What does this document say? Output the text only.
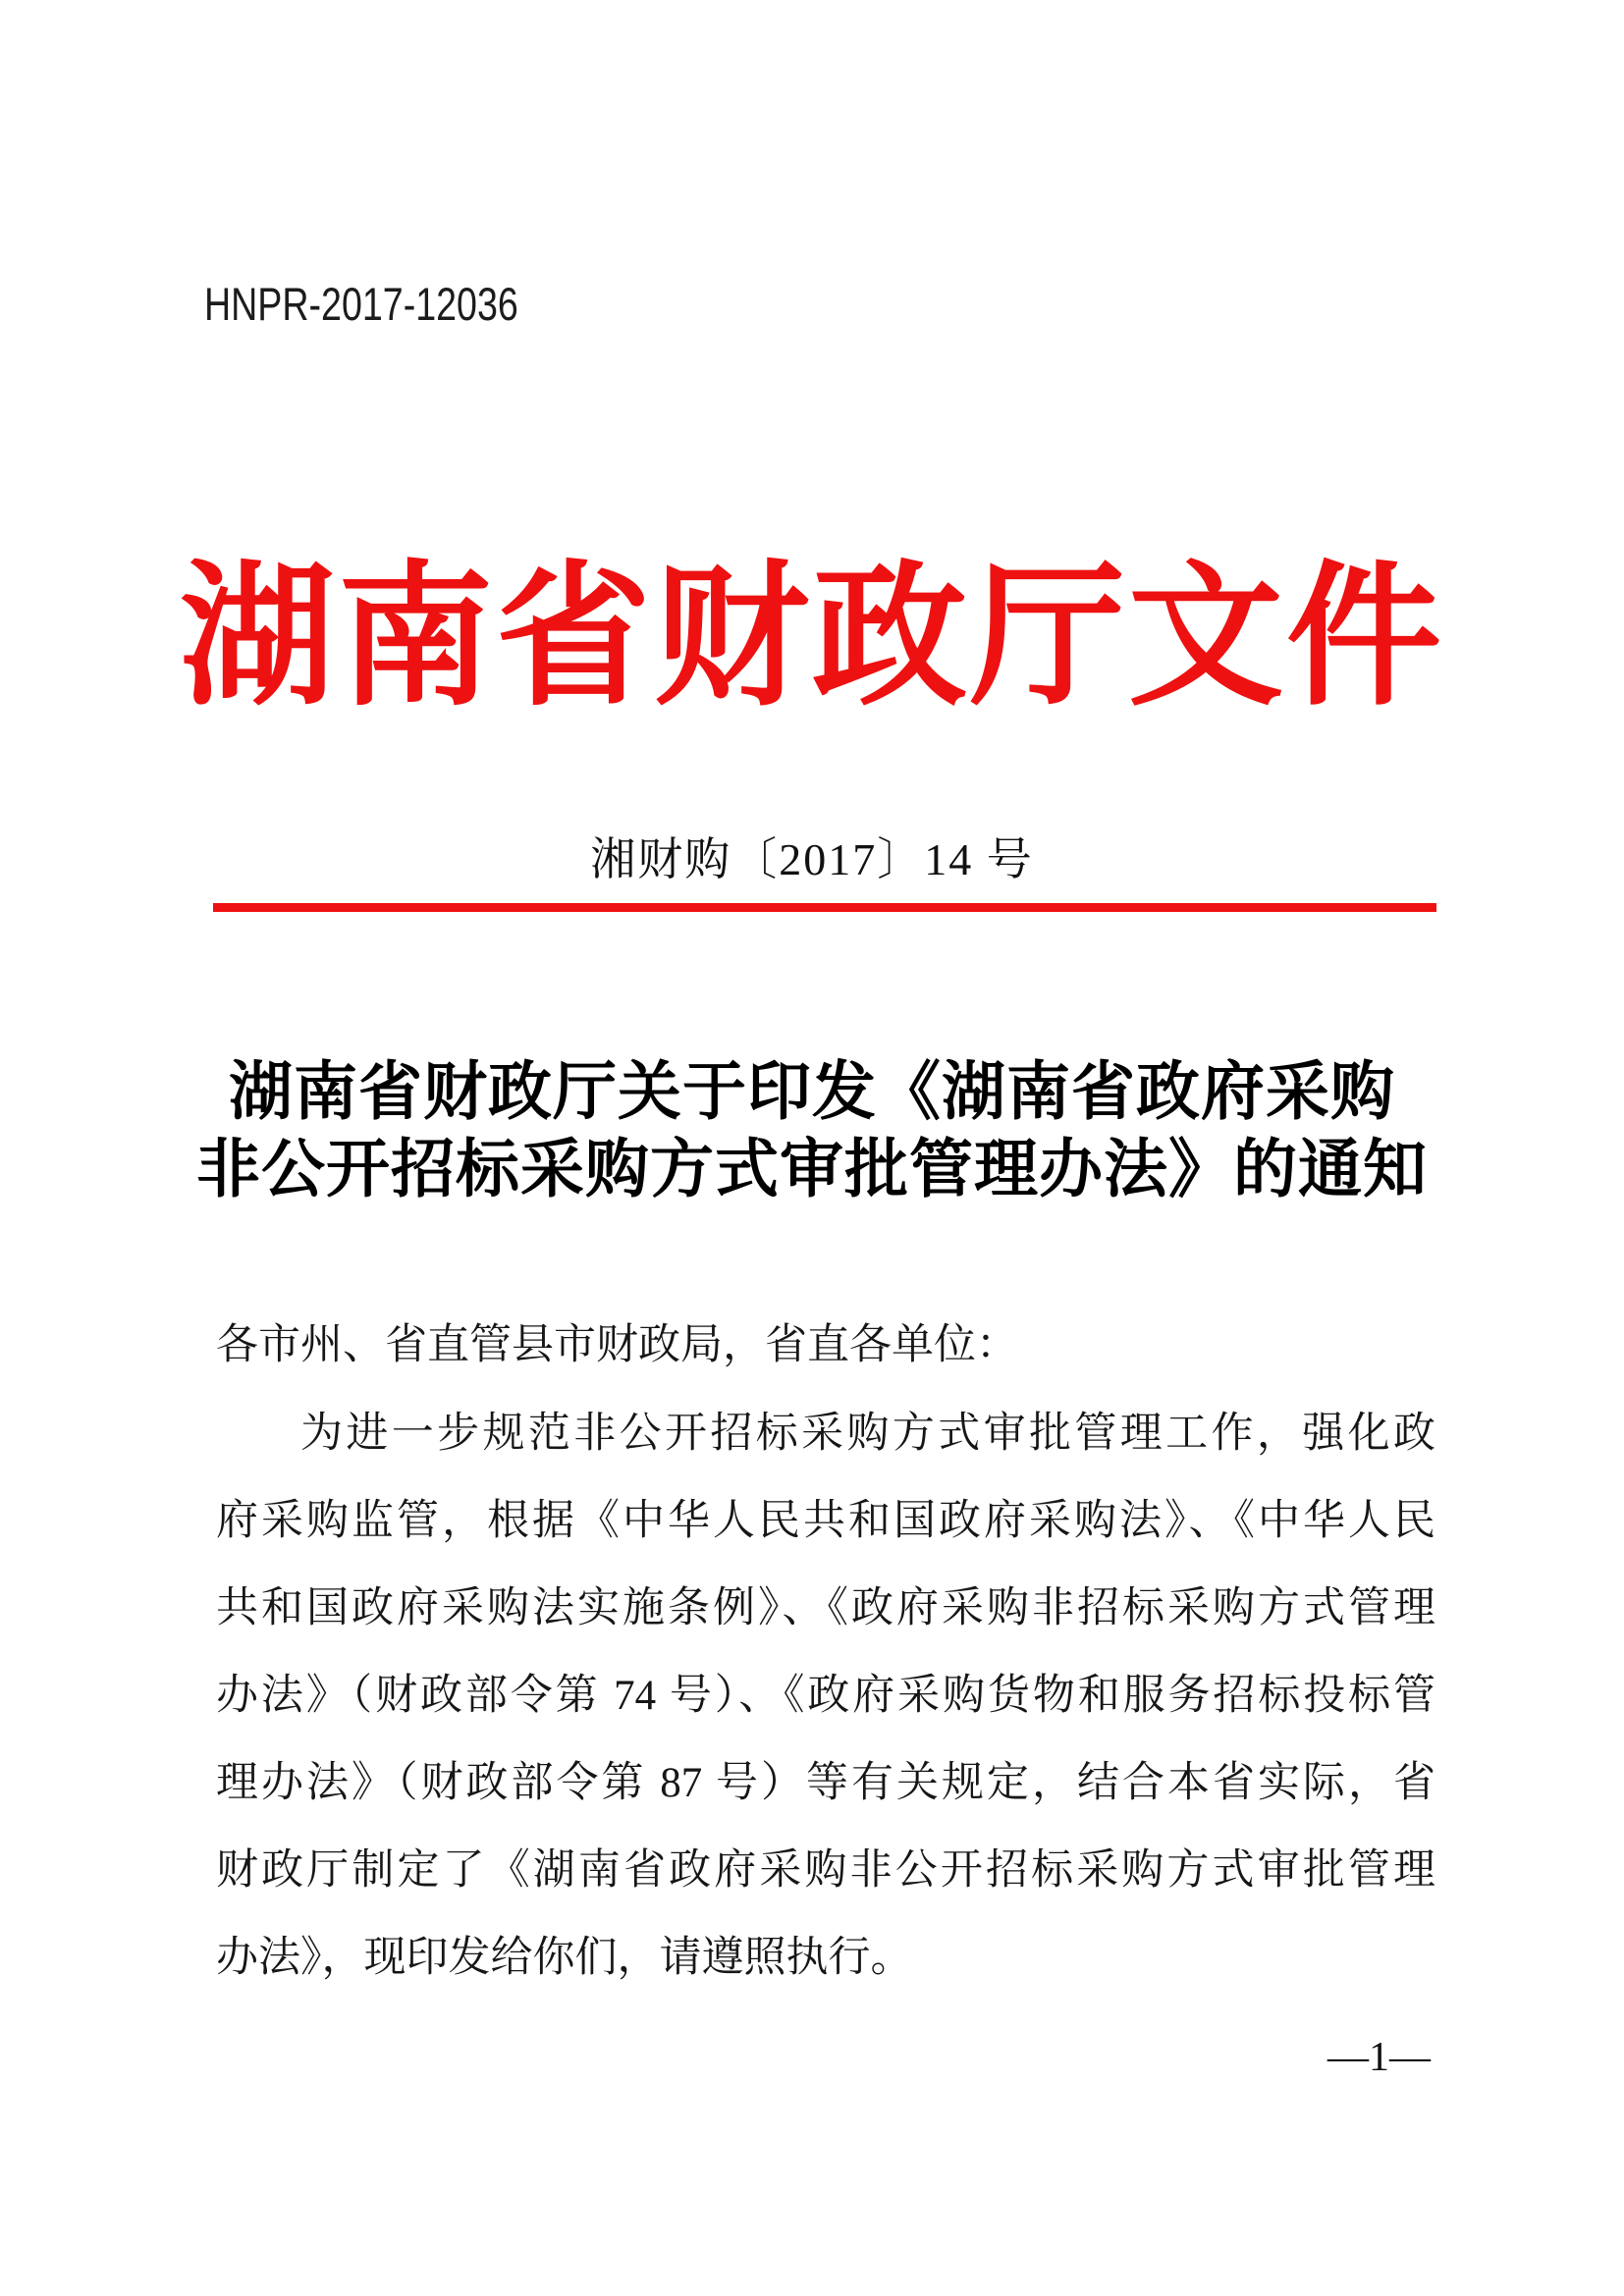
HNPR-2017-12036
湖南省财政厅文件
湘财购〔2017〕14 号
湖南省财政厅关于印发《湖南省政府采购
非公开招标采购方式审批管理办法》的通知
各市州、省直管县市财政局，省直各单位：
为进一步规范非公开招标采购方式审批管理工作，强化政
府采购监管，根据《中华人民共和国政府采购法》、《中华人民
共和国政府采购法实施条例》、《政府采购非招标采购方式管理
办法》（财政部令第 74 号）、《政府采购货物和服务招标投标管
理办法》（财政部令第 87 号）等有关规定，结合本省实际，省
财政厅制定了《湖南省政府采购非公开招标采购方式审批管理
办法》，现印发给你们，请遵照执行。
—1—
